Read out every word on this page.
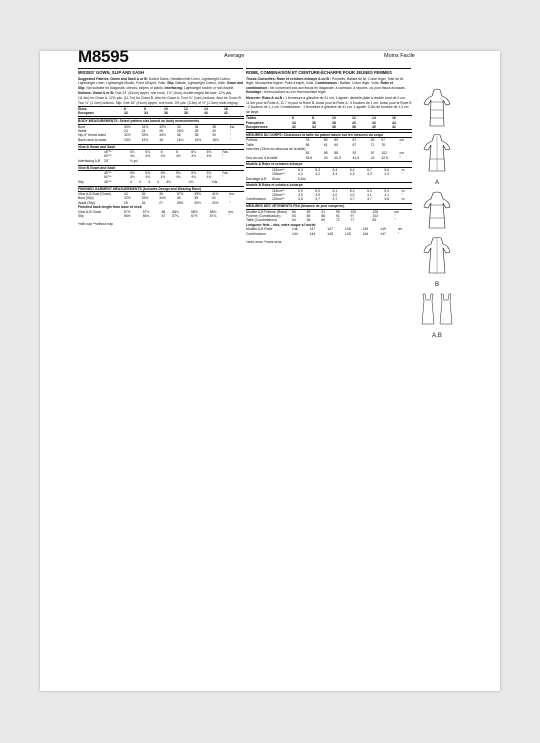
M8595	Average	Moins Facile

MISSES' GOWN, SLIP AND SASH

Suggested Fabrics: Gown and Sash A or B: Dotted Swiss, Handkerchief Linen, Lightweight Cotton, Lightweight Linen, Lightweight Muslin, Point d'Esprit, Voile. Slip: Batiste, Lightweight Cotton, Voile. Gown and Slip: Not suitable for diagonals, checks, stripes or plaids. Interfacing: Lightweight fusible or non-fusible.

Notions: Gown A or B: One 24" (61cm) zipper, one hook, 1⅞" (4cm) double-edged flat lace: 12⅝ yds. (11.6m) for Gown A, 12⅞ yds. (11.7m) for Gown B. Also for Gown A: Four ⅜" (1cm) buttons. Also for Gown B: Two ⅜" (1.1cm) buttons. Slip: One 16" (41cm) zipper, one hook, 3⅝ yds. (3.3m) of ½" (1.3cm) wide edging.

Sizes	6	8	10	12	14	16
European	32	34	36	38	40	42
BODY MEASUREMENTS: Select pattern size based on body measurements
Bust	30½	31½	32½	34	36	38	ins.
Waist	23	24	25	26½	28	30	"
Hip-9" below waist	32½	33½	34½	36	38	40	"
Back-neck to waist	15½	15¾	16	16¼	16½	16¾	"
View A Gown and Sash
	45"**	5⅞	5⅞	6	6	6⅛	6⅛	Yds.
	60"**	4⅜	4⅜	4⅜	4⅜	4⅜	4⅜	"
Interfacing A,B	20"	¾ yd.
View B Gown and Sash
	45"**	5⅝	5⅝	5⅝	5¾	5⅞	5⅞	Yds.
	60"**	4⅜	4⅜	4⅜	4⅜	4⅜	4⅜	"
Slip	45"**	4	4	4	4	4⅛	4⅛	Yds.
FINISHED GARMENT MEASUREMENTS (Includes Design and Wearing Ease)
View A,B Bust (Gown)	34	35	36	37½	39½	41½	Ins.
Bust (Slip)	32½	33½	34½	36	38	40	"
Waist (Slip)	25	26	27	28½	30½	32½	"
Finished back length from base of neck
View A,B Gown	57½	57¾	58	58¼	58½	58¾	Ins.
Slip	56½	56¾	57	57¼	57½	57¾	"
*with nap **without nap

ROBE, COMBINAISON ET CEINTURE-ÉCHARPE POUR JEUNES FEMMES

Tissus Conseillés: Robe et ceinture-écharpe A ou B : Plumetis, Batiste de lin, Coton léger, Toile de lin léger, Mousseline légère, Point d'esprit, Voile. Combinaison : Batiste, Coton léger, Voile. Robe et combinaison : Ne convenant pas aux tissus en diagonale, à carreaux, à rayures, ou pour tissus écossais. Entoilage : thermocollant ou non thermocollant léger.

Mercerie: Robe A ou B : 1 fermeture à glissière de 61 cm, 1 agrafe, dentelle plate à double bord de 4 cm: 11,6m pour la Robe A, 11,7 m pour la Robe B. Aussi pour la Robe A : 4 boutons de 1 cm. Aussi pour la Robe B : 2 boutons de 1,1 cm. Combinaison : 1 fermeture à glissière de 41 cm, 1 agrafe, 3,3m de bordure de 1,3 cm de large.

Tailles	6	8	10	12	14	16
Françaises	34	36	38	40	42	44
Européennes	32	34	36	38	40	42
MESURES DU CORPS: Choisissez la taille du patron basée sur les mesures du corps
Poitrine	78	80	83	87	92	97	cm
Taille	58	61	64	67	71	76	"
Hanches (23cm au-dessous de la taille)							
	83	85	88	92	97	102	cm
Dos du cou à la taille	39,5	40	40,5	41,5	42	42,5	"
Modèle A Robe et ceinture-écharpe
	115cm**	5,3	5,3	5,4	5,4	5,7	5,6	m
	150cm**	4,2	4,2	4,3	4,3	4,3	4,3	"
Entoilage A,B	51cm	0,6m
Modèle B Robe et ceinture-écharpe
	115cm**	5,0	5,0	5,1	5,2	5,3	5,4	m
	150cm**	3,9	3,9	4,0	4,0	4,1	4,1	"
Combinaison	115cm**	3,6	3,7	3,7	3,7	3,7	3,8	m
MESURES DES VÊTEMENTS FINI (Aisance de port comprise)
Modèle A,B Poitrine (Robe)	86	89	91	95	100	105	cm
Poitrine (Combinaison)	83	85	88	91	97	102	"
Taille (Combinaison)	64	66	69	72	77	83	"
Longueur finie – dos, votre nuque à l'ourlet
Modèle A,B Robe	146	147	147	148	149	149	cm
Combinaison	144	144	145	145	146	147	"
*avec sens **sans sens

A

B
A,B
